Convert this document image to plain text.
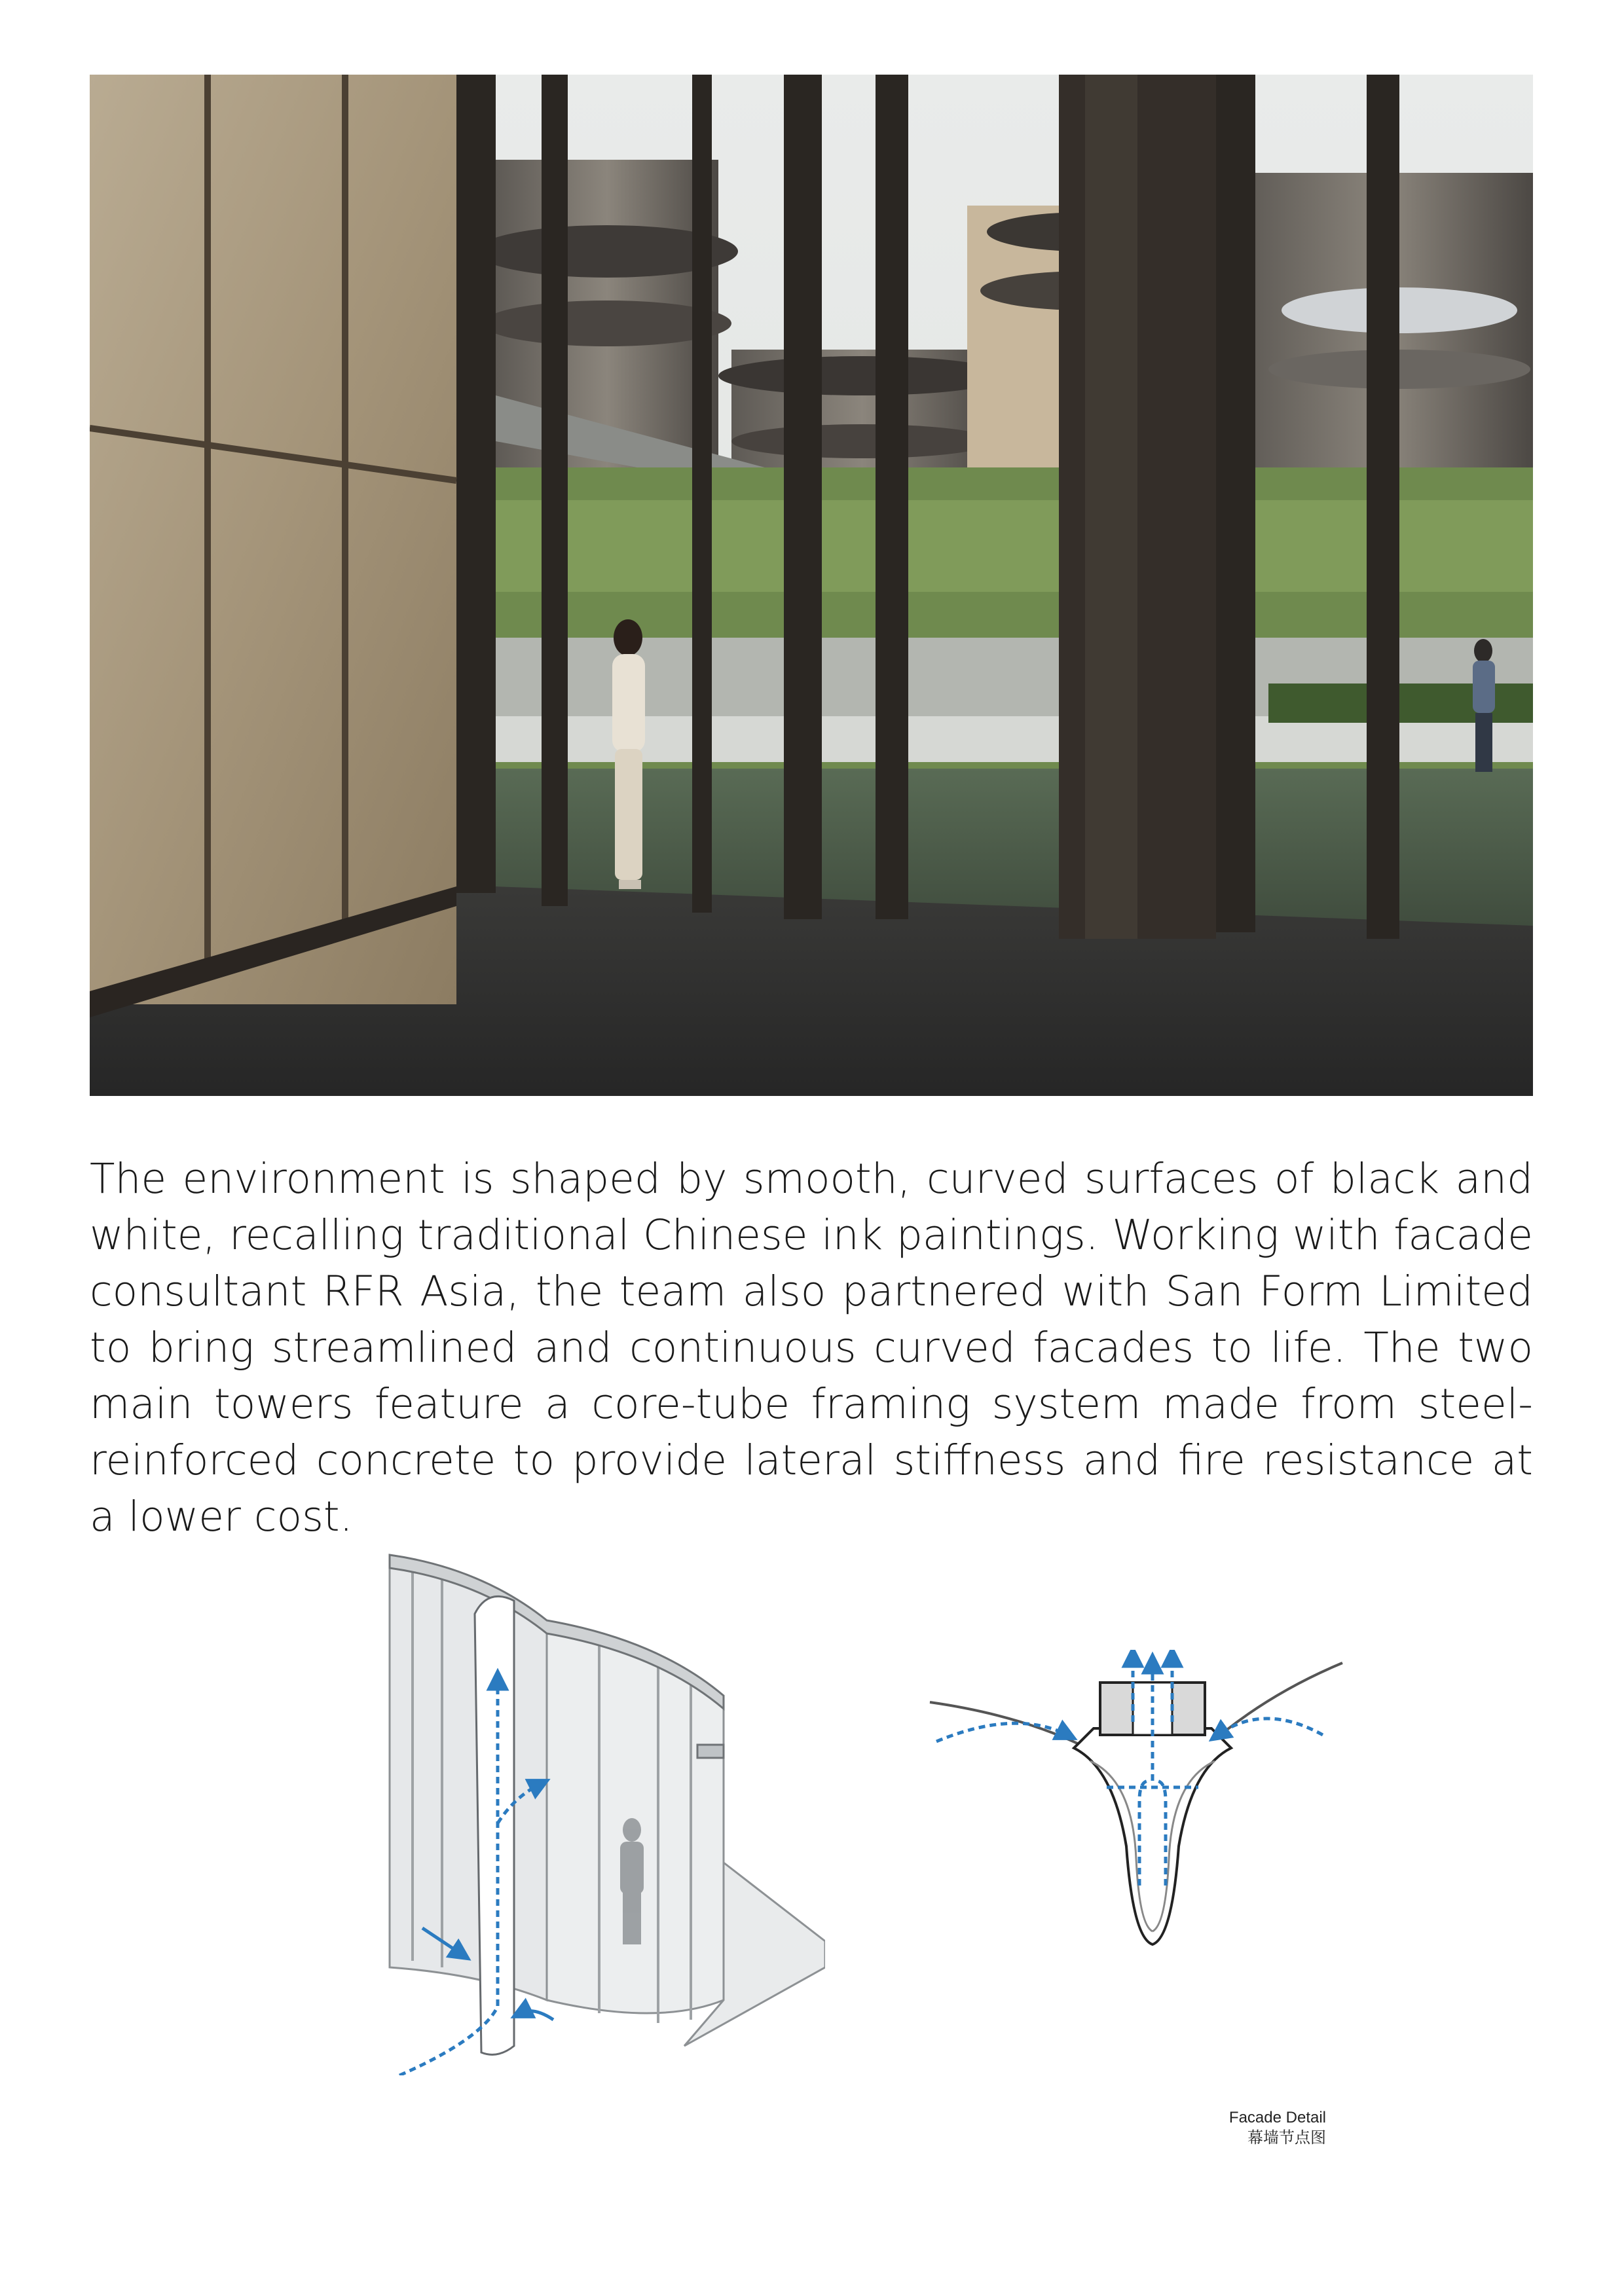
The environment is shaped by smooth, curved surfaces of black and white, recalling traditional Chinese ink paintings. Working with facade consultant RFR Asia, the team also partnered with San Form Limited to bring streamlined and continuous curved facades to life. The two main towers feature a core-tube framing system made from steel-reinforced concrete to provide lateral stiffness and fire resistance at a lower cost.

Facade Detail
幕墙节点图
